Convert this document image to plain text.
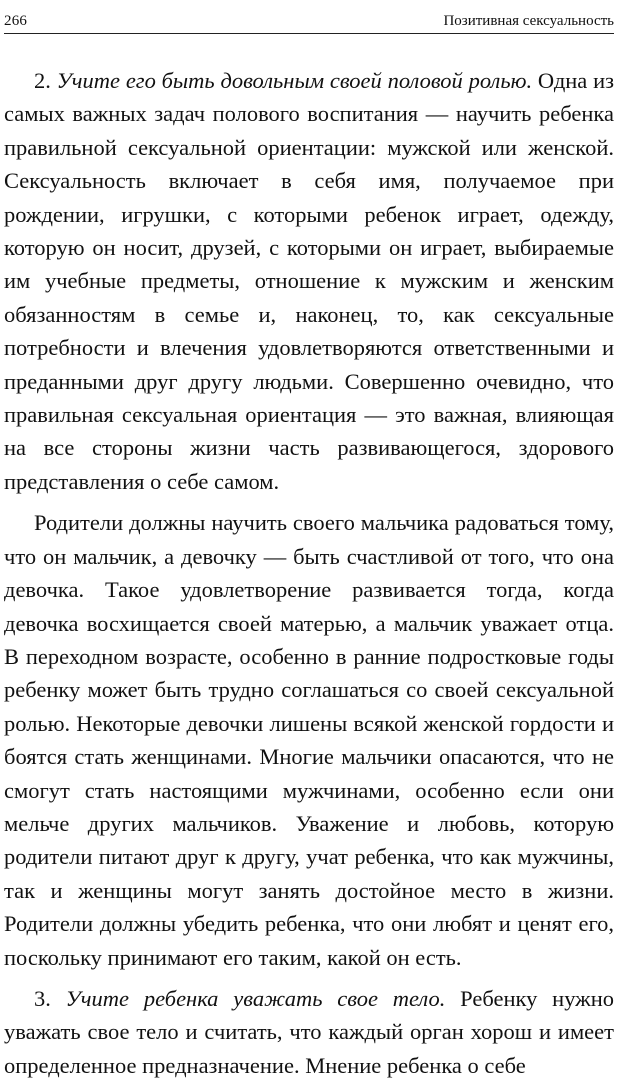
266	Позитивная сексуальность

2. Учите его быть довольным своей половой ролью. Одна из самых важных задач полового воспитания — научить ребенка правильной сексуальной ориентации: мужской или женской. Сексуальность включает в себя имя, получаемое при рождении, игрушки, с которыми ребенок играет, одежду, которую он носит, друзей, с которыми он играет, выбираемые им учебные предметы, отношение к мужским и женским обязанностям в семье и, наконец, то, как сексуальные потребности и влечения удовлетворяются ответственными и преданными друг другу людьми. Совершенно очевидно, что правильная сексуальная ориентация — это важная, влияющая на все стороны жизни часть развивающегося, здорового представления о себе самом.

Родители должны научить своего мальчика радоваться тому, что он мальчик, а девочку — быть счастливой от того, что она девочка. Такое удовлетворение развивается тогда, когда девочка восхищается своей матерью, а мальчик уважает отца. В переходном возрасте, особенно в ранние подростковые годы ребенку может быть трудно соглашаться со своей сексуальной ролью. Некоторые девочки лишены всякой женской гордости и боятся стать женщинами. Многие мальчики опасаются, что не смогут стать настоящими мужчинами, особенно если они мельче других мальчиков. Уважение и любовь, которую родители питают друг к другу, учат ребенка, что как мужчины, так и женщины могут занять достойное место в жизни. Родители должны убедить ребенка, что они любят и ценят его, поскольку принимают его таким, какой он есть.

3. Учите ребенка уважать свое тело. Ребенку нужно уважать свое тело и считать, что каждый орган хорош и имеет определенное предназначение. Мнение ребенка о себе
